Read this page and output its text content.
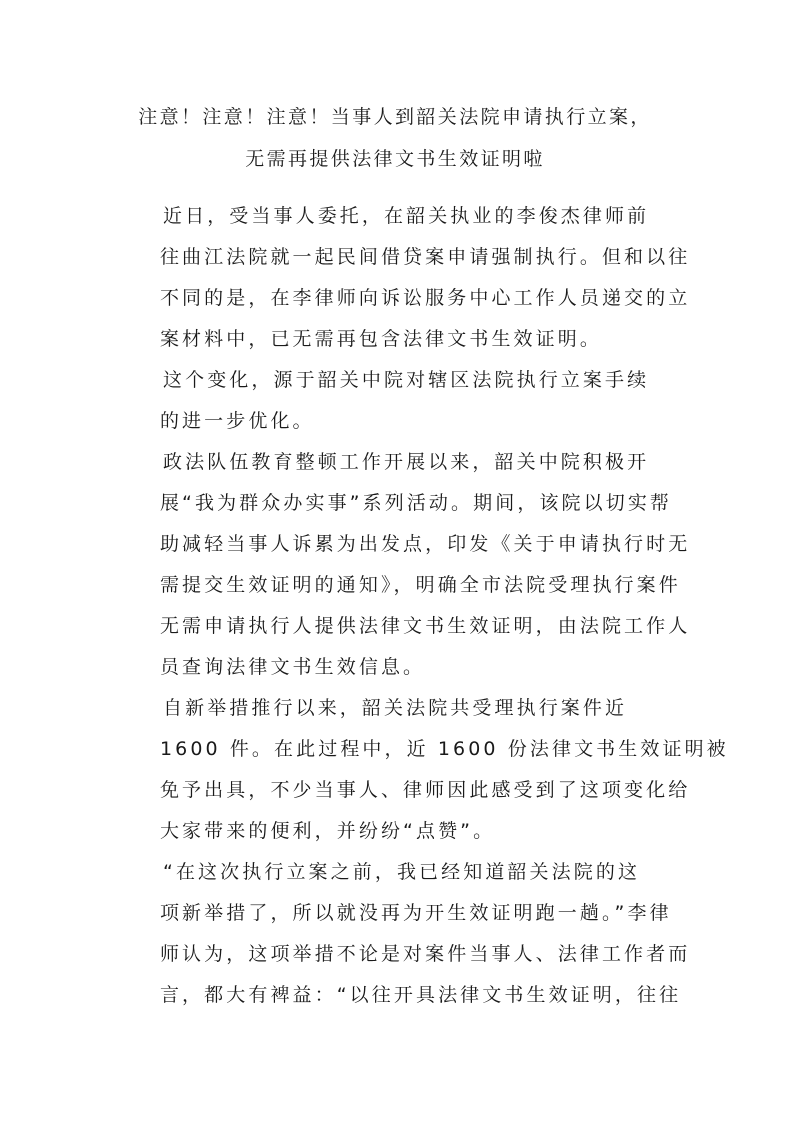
注意！注意！注意！当事人到韶关法院申请执行立案，
无需再提供法律文书生效证明啦
近日，受当事人委托，在韶关执业的李俊杰律师前
往曲江法院就一起民间借贷案申请强制执行。但和以往
不同的是，在李律师向诉讼服务中心工作人员递交的立
案材料中，已无需再包含法律文书生效证明。
这个变化，源于韶关中院对辖区法院执行立案手续
的进一步优化。
政法队伍教育整顿工作开展以来，韶关中院积极开
展“我为群众办实事”系列活动。期间，该院以切实帮
助减轻当事人诉累为出发点，印发《关于申请执行时无
需提交生效证明的通知》，明确全市法院受理执行案件
无需申请执行人提供法律文书生效证明，由法院工作人
员查询法律文书生效信息。
自新举措推行以来，韶关法院共受理执行案件近
1600 件。在此过程中，近 1600 份法律文书生效证明被
免予出具，不少当事人、律师因此感受到了这项变化给
大家带来的便利，并纷纷“点赞”。
“在这次执行立案之前，我已经知道韶关法院的这
项新举措了，所以就没再为开生效证明跑一趟。”李律
师认为，这项举措不论是对案件当事人、法律工作者而
言，都大有裨益：“以往开具法律文书生效证明，往往
